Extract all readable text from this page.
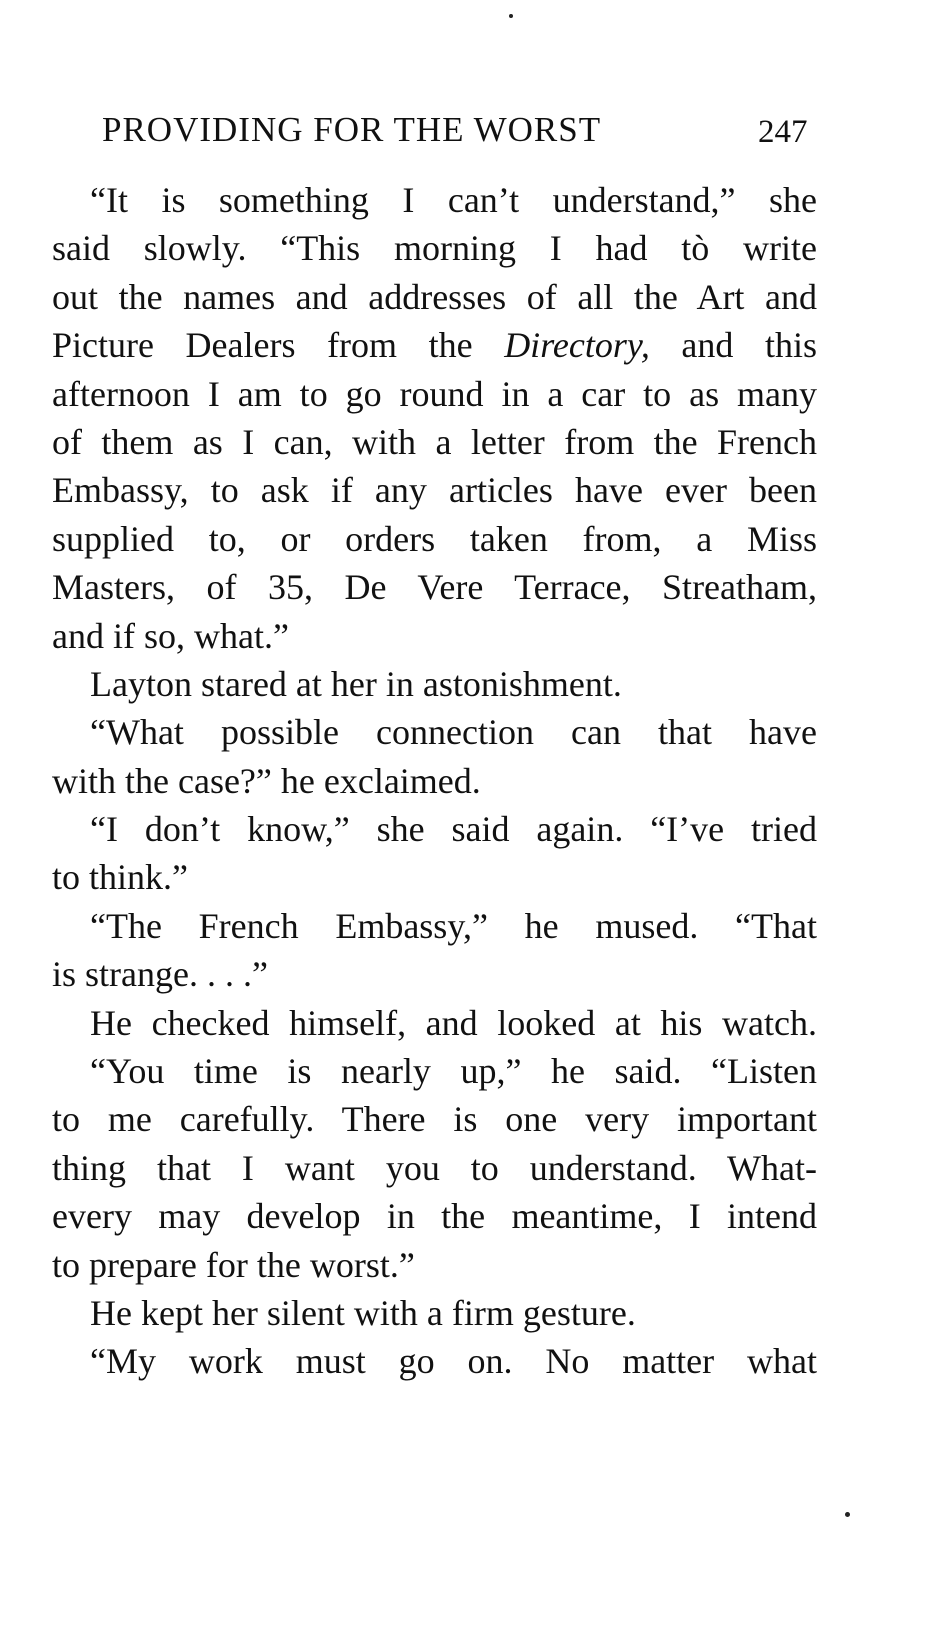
PROVIDING FOR THE WORST	247
“It is something I can’t understand,” she
said slowly. “This morning I had tò write
out the names and addresses of all the Art and
Picture Dealers from the Directory, and this
afternoon I am to go round in a car to as many
of them as I can, with a letter from the French
Embassy, to ask if any articles have ever been
supplied to, or orders taken from, a Miss
Masters, of 35, De Vere Terrace, Streatham,
and if so, what.”
Layton stared at her in astonishment.
“What possible connection can that have
with the case?” he exclaimed.
“I don’t know,” she said again. “I’ve tried
to think.”
“The French Embassy,” he mused. “That
is strange. . . .”
He checked himself, and looked at his watch.
“You time is nearly up,” he said. “Listen
to me carefully. There is one very important
thing that I want you to understand. What-
every may develop in the meantime, I intend
to prepare for the worst.”
He kept her silent with a firm gesture.
“My work must go on. No matter what
